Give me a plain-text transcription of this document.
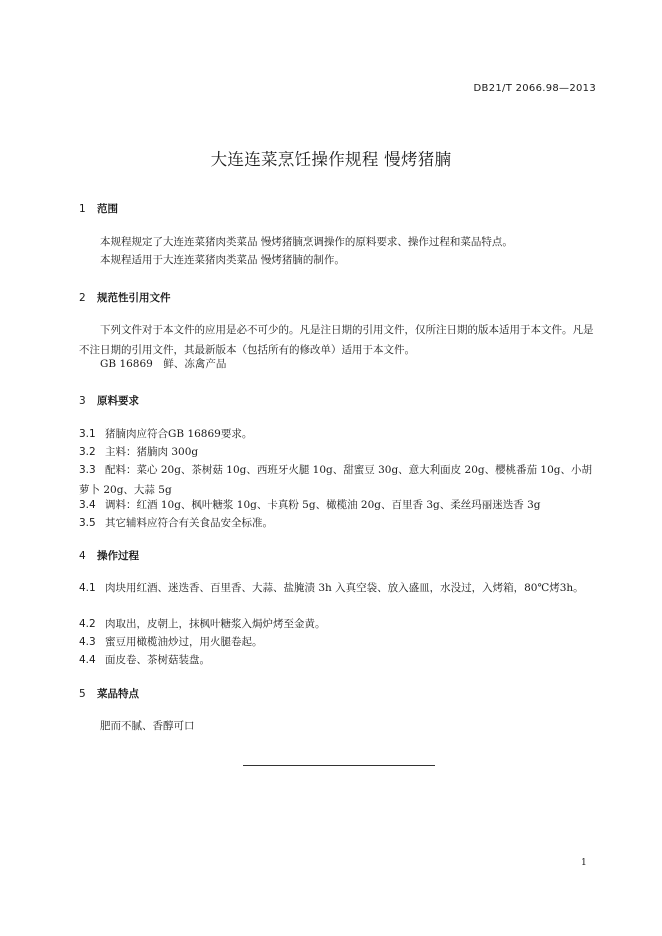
DB21/T 2066.98—2013
大连连菜烹饪操作规程 慢烤猪腩
1 范围
本规程规定了大连连菜猪肉类菜品 慢烤猪腩烹调操作的原料要求、操作过程和菜品特点。
本规程适用于大连连菜猪肉类菜品 慢烤猪腩的制作。
2 规范性引用文件
下列文件对于本文件的应用是必不可少的。凡是注日期的引用文件，仅所注日期的版本适用于本文件。凡是不注日期的引用文件，其最新版本（包括所有的修改单）适用于本文件。
GB 16869　鲜、冻禽产品
3 原料要求
3.1 猪腩肉应符合GB 16869要求。
3.2 主料：猪腩肉 300g
3.3 配料：菜心 20g、茶树菇 10g、西班牙火腿 10g、甜蜜豆 30g、意大利面皮 20g、樱桃番茄 10g、小胡萝卜 20g、大蒜 5g
3.4 调料：红酒 10g、枫叶糖浆 10g、卡真粉 5g、橄榄油 20g、百里香 3g、柔丝玛丽迷迭香 3g
3.5 其它辅料应符合有关食品安全标准。
4 操作过程
4.1 肉块用红酒、迷迭香、百里香、大蒜、盐腌渍 3h 入真空袋、放入盛皿，水没过，入烤箱，80℃烤3h。
4.2 肉取出，皮朝上，抹枫叶糖浆入焗炉烤至金黄。
4.3 蜜豆用橄榄油炒过，用火腿卷起。
4.4 面皮卷、茶树菇装盘。
5 菜品特点
肥而不腻、香醇可口
1
